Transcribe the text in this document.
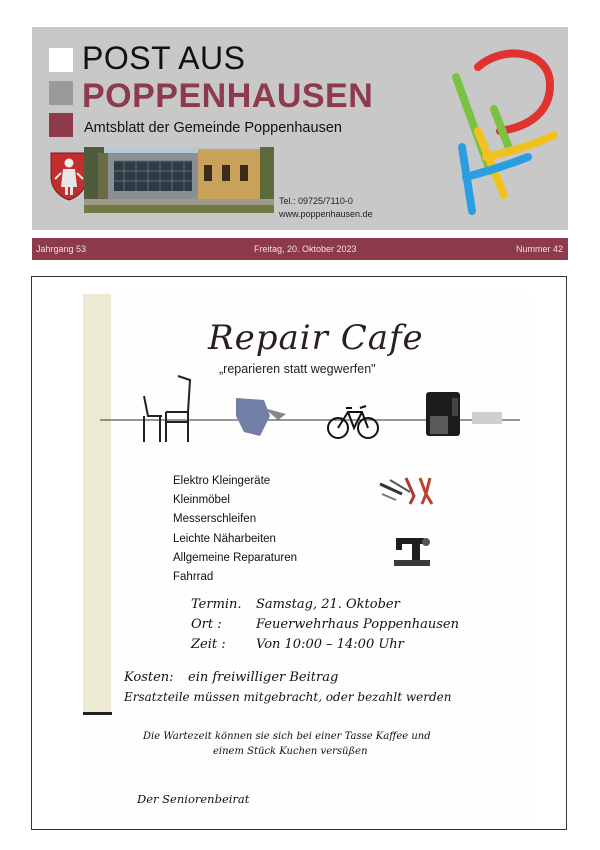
POST AUS
POPPENHAUSEN
Amtsblatt der Gemeinde Poppenhausen
Tel.: 09725/7110-0
www.poppenhausen.de
Jahrgang 53	Freitag, 20. Oktober 2023	Nummer 42
Repair Cafe
„reparieren statt wegwerfen"
Elektro Kleingeräte
Kleinmöbel
Messerschleifen
Leichte Näharbeiten
Allgemeine Reparaturen
Fahrrad
Termin. Samstag, 21. Oktober
Ort :	Feuerwehrhaus Poppenhausen
Zeit : Von 10:00 – 14:00 Uhr
Kosten: ein freiwilliger Beitrag
Ersatzteile müssen mitgebracht, oder bezahlt werden
Die Wartezeit können sie sich bei einer Tasse Kaffee und
einem Stück Kuchen versüßen
Der Seniorenbeirat
